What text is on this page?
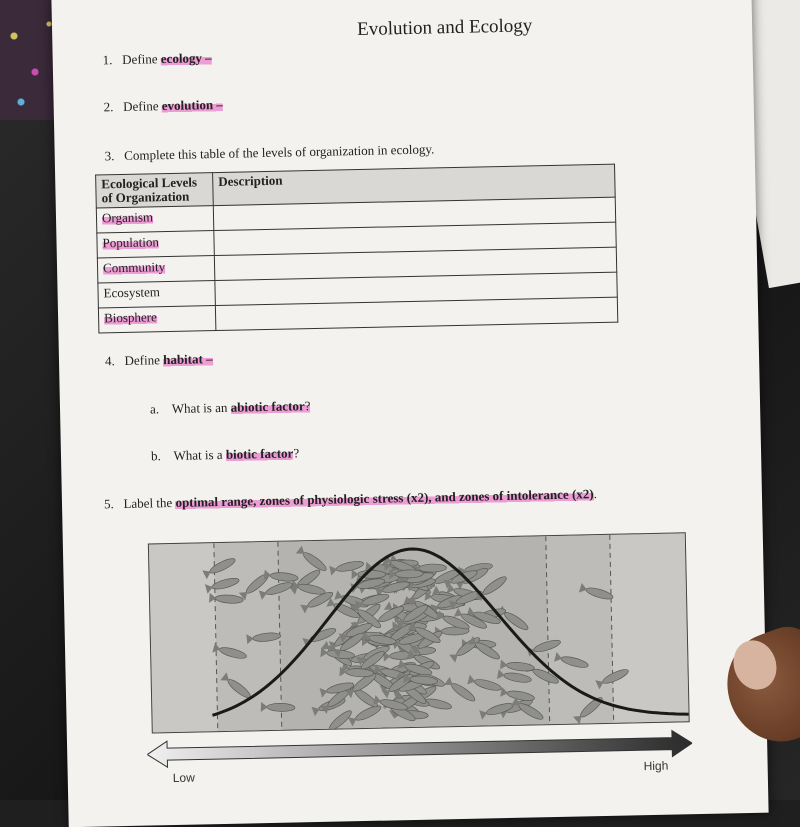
Evolution and Ecology
1. Define ecology –
2. Define evolution –
3. Complete this table of the levels of organization in ecology.
Ecological Levels of Organization	Description
Organism	
Population	
Community	
Ecosystem	
Biosphere	
4. Define habitat –
a. What is an abiotic factor?
b. What is a biotic factor?
5. Label the optimal range, zones of physiologic stress (x2), and zones of intolerance (x2).
Low
High
